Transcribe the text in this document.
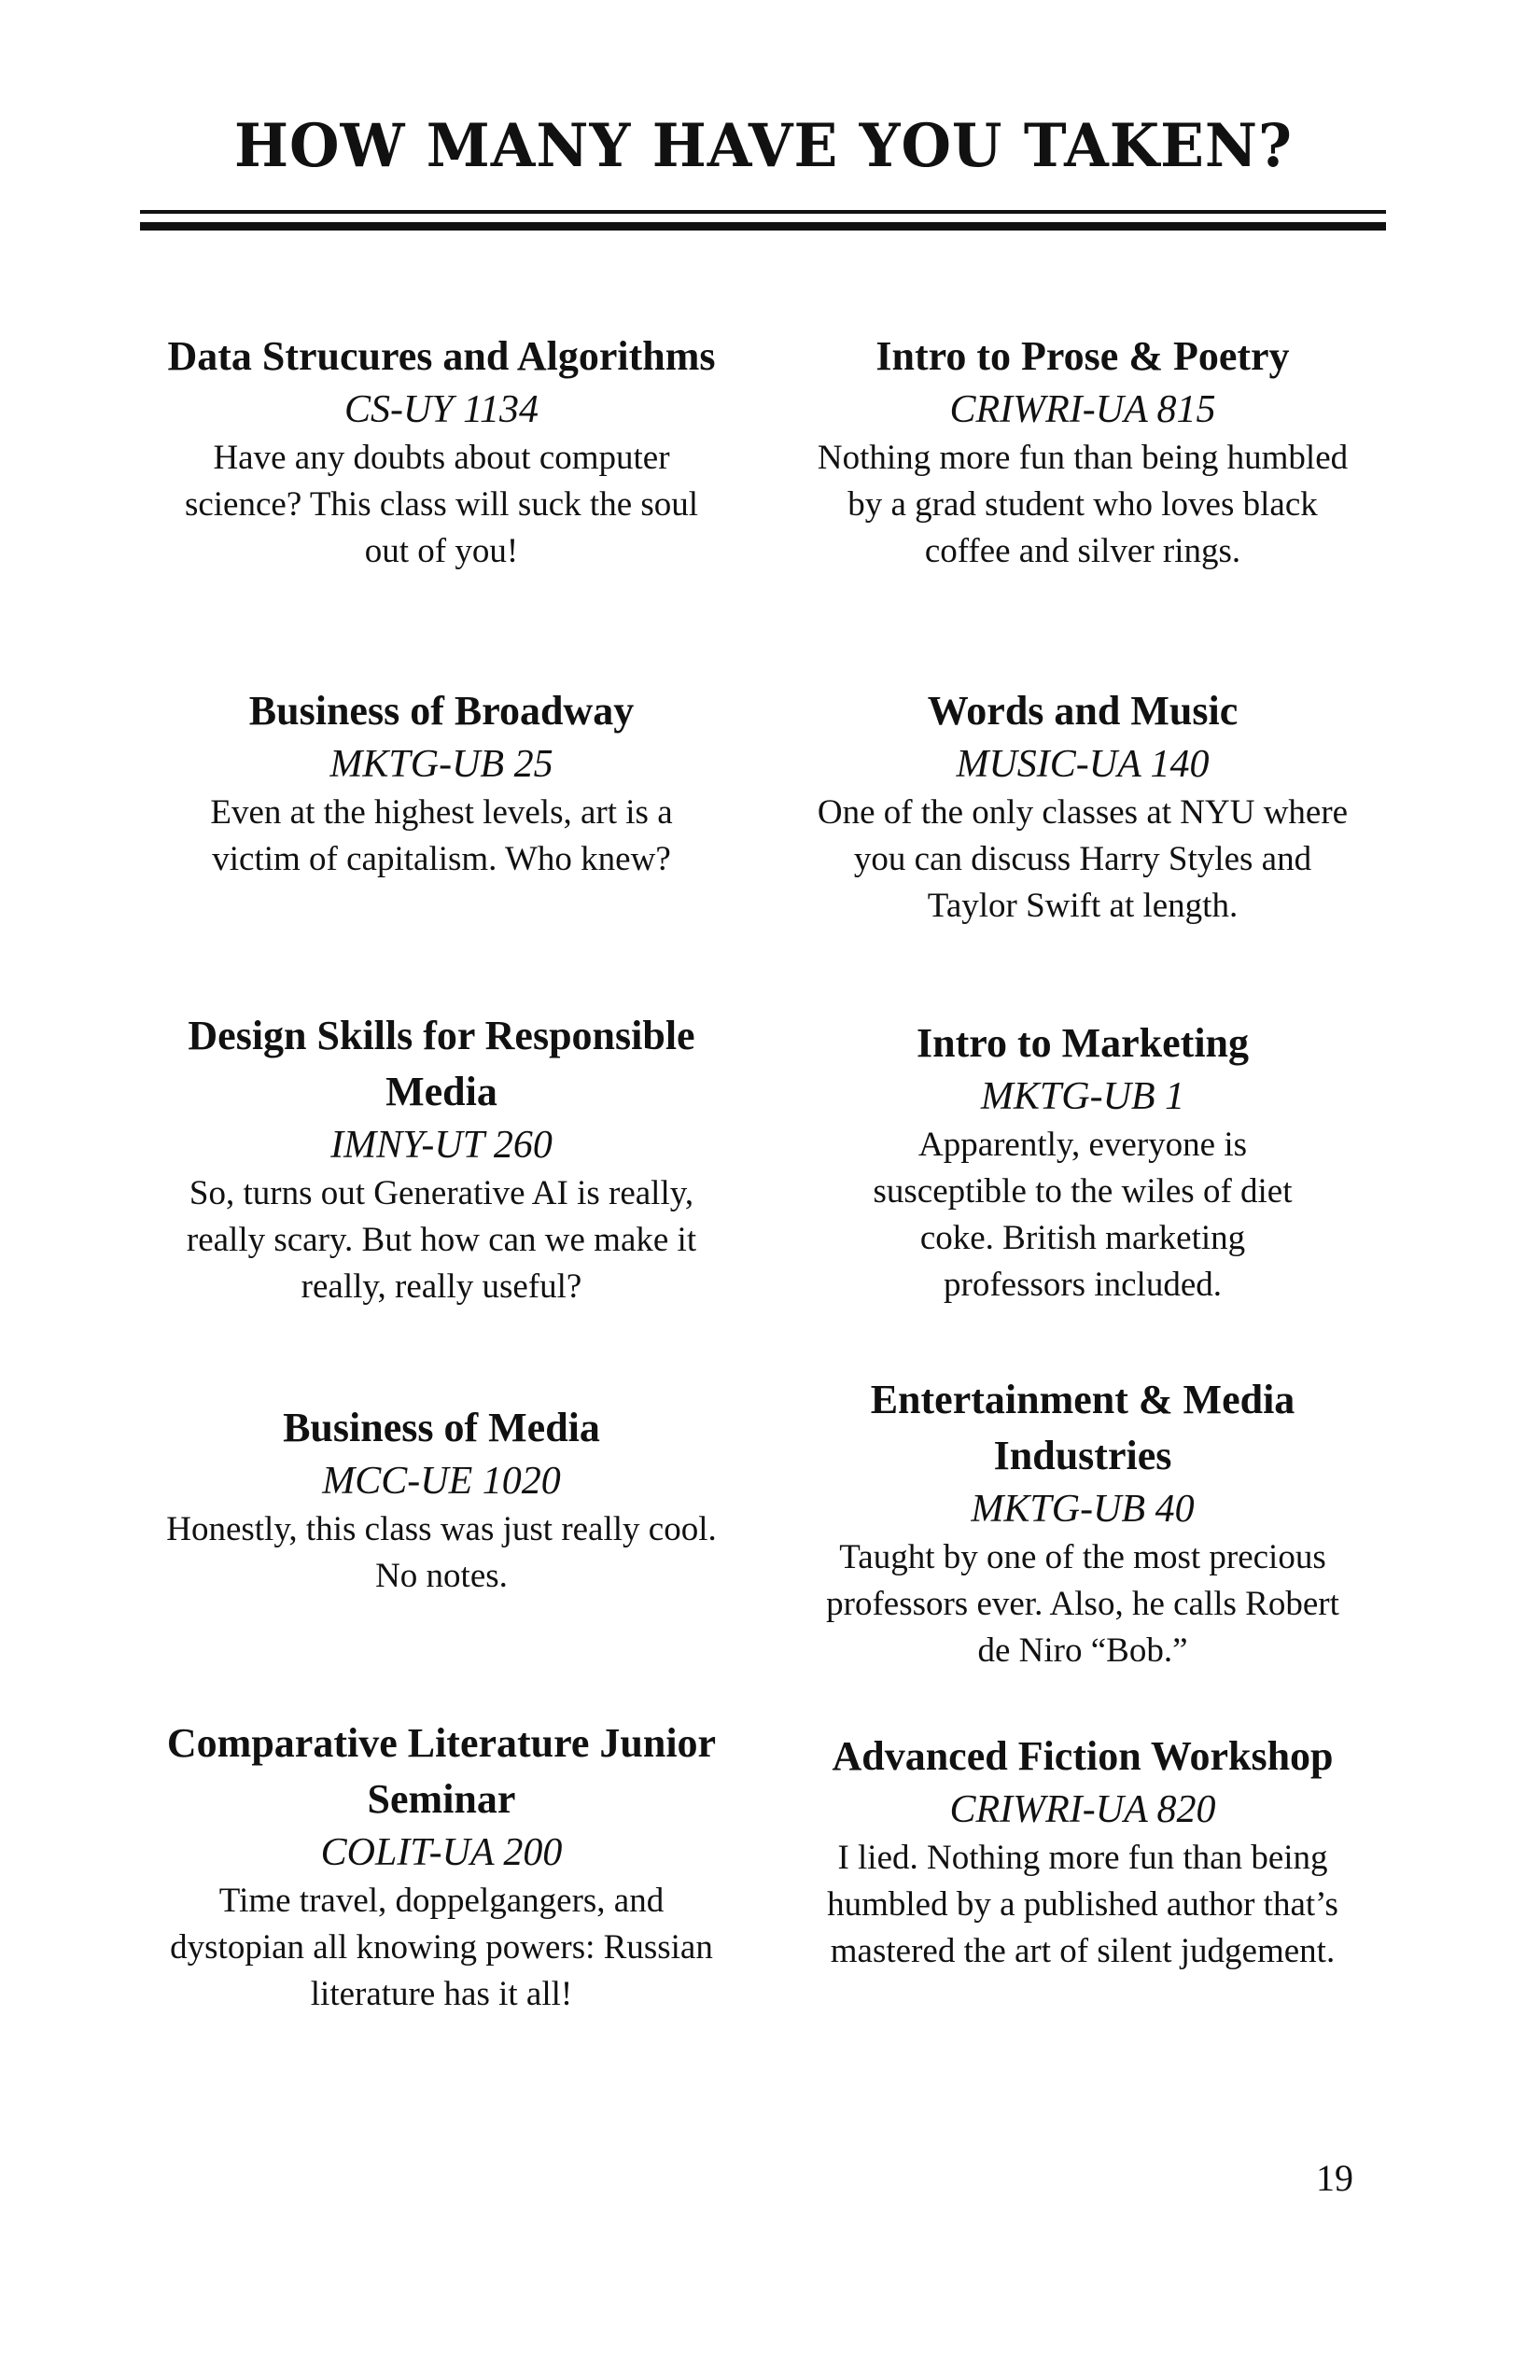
HOW MANY HAVE YOU TAKEN?

Data Strucures and Algorithms

CS-UY 1134

Have any doubts about computer science? This class will suck the soul out of you!

Business of Broadway

MKTG-UB 25

Even at the highest levels, art is a victim of capitalism. Who knew?

Design Skills for Responsible Media

IMNY-UT 260

So, turns out Generative AI is really, really scary. But how can we make it really, really useful?

Business of Media

MCC-UE 1020

Honestly, this class was just really cool. No notes.

Comparative Literature Junior Seminar

COLIT-UA 200

Time travel, doppelgangers, and dystopian all knowing powers: Russian literature has it all!

Intro to Prose & Poetry

CRIWRI-UA 815

Nothing more fun than being humbled by a grad student who loves black coffee and silver rings.

Words and Music

MUSIC-UA 140

One of the only classes at NYU where you can discuss Harry Styles and Taylor Swift at length.

Intro to Marketing

MKTG-UB 1

Apparently, everyone is susceptible to the wiles of diet coke. British marketing professors included.

Entertainment & Media Industries

MKTG-UB 40

Taught by one of the most precious professors ever. Also, he calls Robert de Niro “Bob.”

Advanced Fiction Workshop

CRIWRI-UA 820

I lied. Nothing more fun than being humbled by a published author that’s mastered the art of silent judgement.

19
